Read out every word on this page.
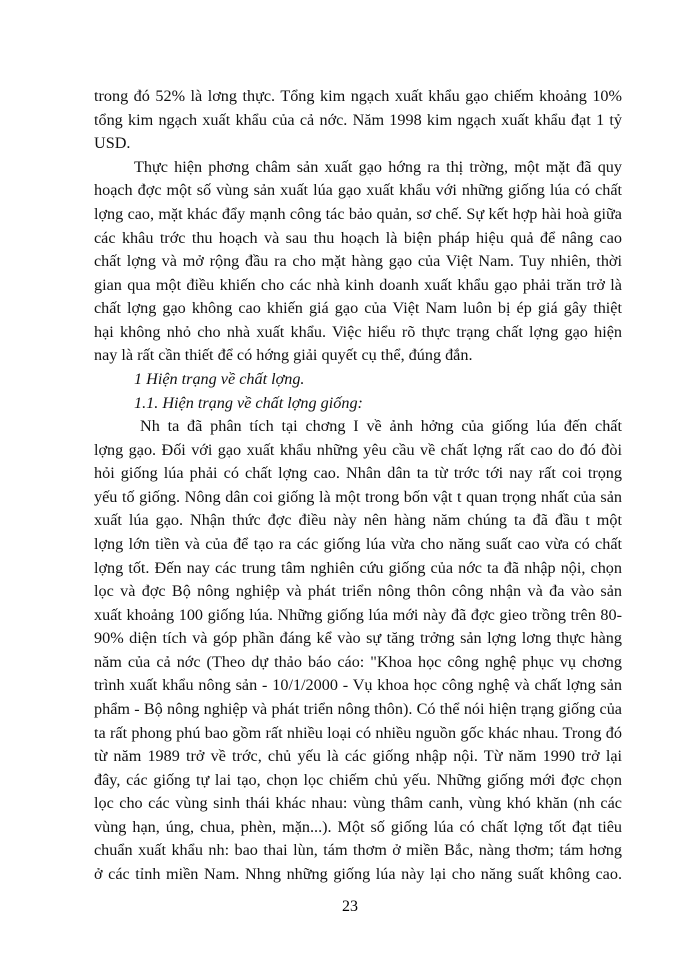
trong đó 52% là lơng thực. Tổng kim ngạch xuất khẩu gạo chiếm khoảng 10%
tổng kim ngạch xuất khẩu của cả nớc. Năm 1998 kim ngạch xuất khẩu đạt 1 tỷ
USD.
Thực hiện phơng châm sản xuất gạo hớng ra thị trờng, một mặt đã quy
hoạch đợc một số vùng sản xuất lúa gạo xuất khẩu với những giống lúa có chất
lợng cao, mặt khác đẩy mạnh công tác bảo quản, sơ chế. Sự kết hợp hài hoà giữa
các khâu trớc thu hoạch và sau thu hoạch là biện pháp hiệu quả để nâng cao
chất lợng và mở rộng đầu ra cho mặt hàng gạo của Việt Nam. Tuy nhiên, thời
gian qua một điều khiến cho các nhà kinh doanh xuất khẩu gạo phải trăn trở là
chất lợng gạo không cao khiến giá gạo của Việt Nam luôn bị ép giá gây thiệt
hại không nhỏ cho nhà xuất khẩu. Việc hiểu rõ thực trạng chất lợng gạo hiện
nay là rất cần thiết để có hớng giải quyết cụ thể, đúng đắn.
1 Hiện trạng về chất lợng.
1.1. Hiện trạng về chất lợng giống:
Nh ta đã phân tích tại chơng I về ảnh hởng của giống lúa đến chất
lợng gạo. Đối với gạo xuất khẩu những yêu cầu về chất lợng rất cao do đó đòi
hỏi giống lúa phải có chất lợng cao. Nhân dân ta từ trớc tới nay rất coi trọng
yếu tố giống. Nông dân coi giống là một trong bốn vật t quan trọng nhất của sản
xuất lúa gạo. Nhận thức đợc điều này nên hàng năm chúng ta đã đầu t một
lợng lớn tiền và của để tạo ra các giống lúa vừa cho năng suất cao vừa có chất
lợng tốt. Đến nay các trung tâm nghiên cứu giống của nớc ta đã nhập nội, chọn
lọc và đợc Bộ nông nghiệp và phát triển nông thôn công nhận và đa vào sản
xuất khoảng 100 giống lúa. Những giống lúa mới này đã đợc gieo trồng trên 80-
90% diện tích và góp phần đáng kể vào sự tăng trởng sản lợng lơng thực hàng
năm của cả nớc (Theo dự thảo báo cáo: "Khoa học công nghệ phục vụ chơng
trình xuất khẩu nông sản - 10/1/2000 - Vụ khoa học công nghệ và chất lợng sản
phẩm - Bộ nông nghiệp và phát triển nông thôn). Có thể nói hiện trạng giống của
ta rất phong phú bao gồm rất nhiều loại có nhiều nguồn gốc khác nhau. Trong đó
từ năm 1989 trở về trớc, chủ yếu là các giống nhập nội. Từ năm 1990 trở lại
đây, các giống tự lai tạo, chọn lọc chiếm chủ yếu. Những giống mới đợc chọn
lọc cho các vùng sinh thái khác nhau: vùng thâm canh, vùng khó khăn (nh các
vùng hạn, úng, chua, phèn, mặn...). Một số giống lúa có chất lợng tốt đạt tiêu
chuẩn xuất khẩu nh: bao thai lùn, tám thơm ở miền Bắc, nàng thơm; tám hơng
ở các tỉnh miền Nam. Nhng những giống lúa này lại cho năng suất không cao.
23
